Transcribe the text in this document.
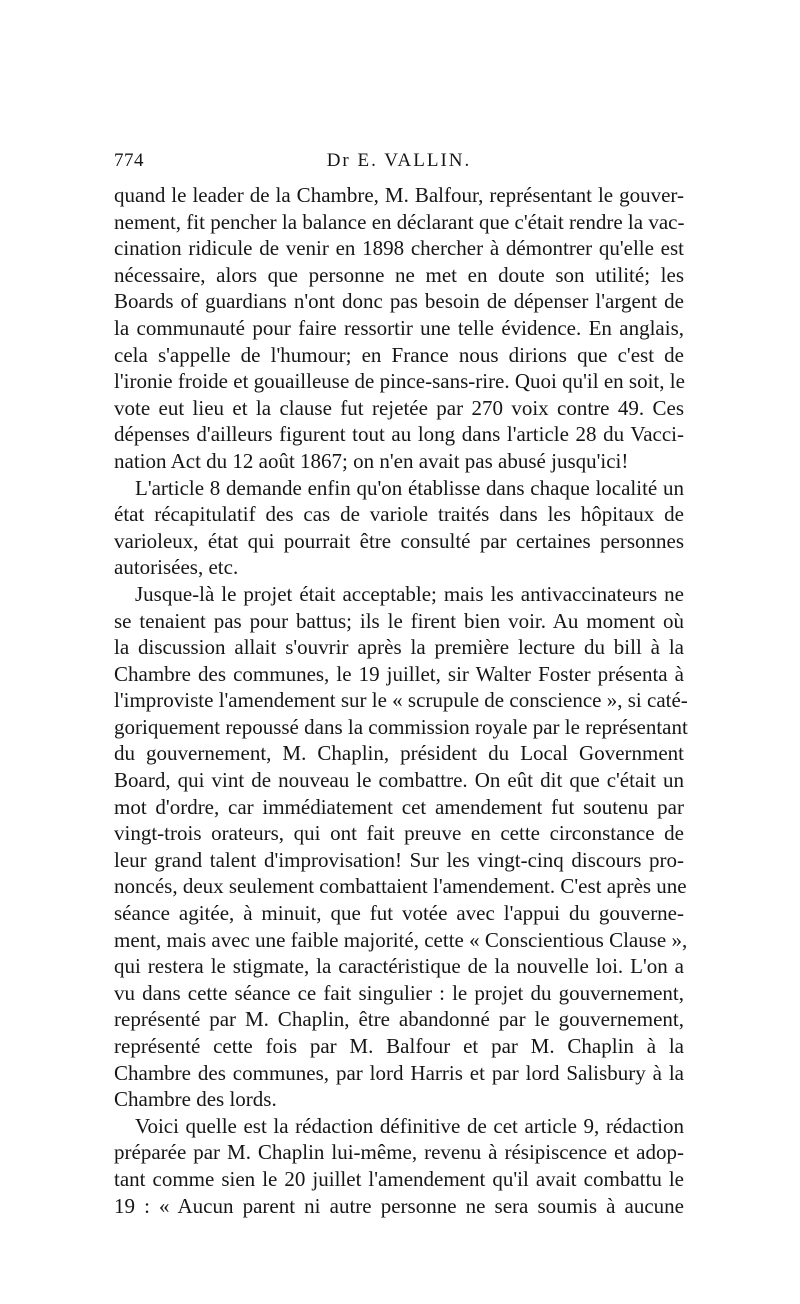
774	Dr E. VALLIN.
quand le leader de la Chambre, M. Balfour, représentant le gouver-
nement, fit pencher la balance en déclarant que c'était rendre la vac-
cination ridicule de venir en 1898 chercher à démontrer qu'elle est
nécessaire, alors que personne ne met en doute son utilité; les
Boards of guardians n'ont donc pas besoin de dépenser l'argent de
la communauté pour faire ressortir une telle évidence. En anglais,
cela s'appelle de l'humour; en France nous dirions que c'est de
l'ironie froide et gouailleuse de pince-sans-rire. Quoi qu'il en soit, le
vote eut lieu et la clause fut rejetée par 270 voix contre 49. Ces
dépenses d'ailleurs figurent tout au long dans l'article 28 du Vacci-
nation Act du 12 août 1867; on n'en avait pas abusé jusqu'ici!
L'article 8 demande enfin qu'on établisse dans chaque localité un
état récapitulatif des cas de variole traités dans les hôpitaux de
varioleux, état qui pourrait être consulté par certaines personnes
autorisées, etc.
Jusque-là le projet était acceptable; mais les antivaccinateurs ne
se tenaient pas pour battus; ils le firent bien voir. Au moment où
la discussion allait s'ouvrir après la première lecture du bill à la
Chambre des communes, le 19 juillet, sir Walter Foster présenta à
l'improviste l'amendement sur le « scrupule de conscience », si caté-
goriquement repoussé dans la commission royale par le représentant
du gouvernement, M. Chaplin, président du Local Government
Board, qui vint de nouveau le combattre. On eût dit que c'était un
mot d'ordre, car immédiatement cet amendement fut soutenu par
vingt-trois orateurs, qui ont fait preuve en cette circonstance de
leur grand talent d'improvisation! Sur les vingt-cinq discours pro-
noncés, deux seulement combattaient l'amendement. C'est après une
séance agitée, à minuit, que fut votée avec l'appui du gouverne-
ment, mais avec une faible majorité, cette « Conscientious Clause »,
qui restera le stigmate, la caractéristique de la nouvelle loi. L'on a
vu dans cette séance ce fait singulier : le projet du gouvernement,
représenté par M. Chaplin, être abandonné par le gouvernement,
représenté cette fois par M. Balfour et par M. Chaplin à la
Chambre des communes, par lord Harris et par lord Salisbury à la
Chambre des lords.
Voici quelle est la rédaction définitive de cet article 9, rédaction
préparée par M. Chaplin lui-même, revenu à résipiscence et adop-
tant comme sien le 20 juillet l'amendement qu'il avait combattu le
19 : « Aucun parent ni autre personne ne sera soumis à aucune
